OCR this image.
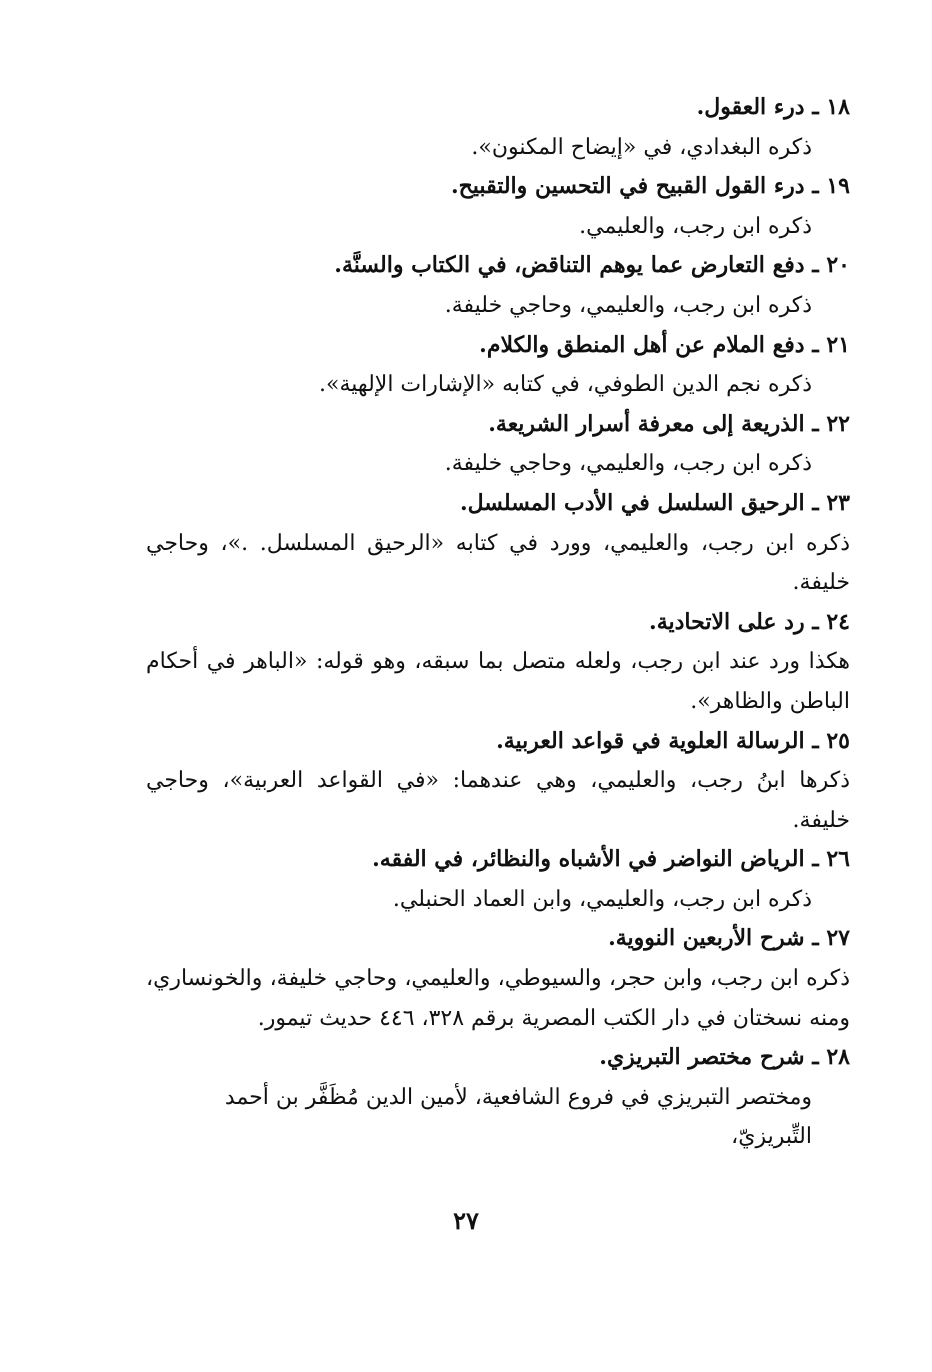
١٨ ـ درء العقول.

ذكره البغدادي، في «إيضاح المكنون».

١٩ ـ درء القول القبيح في التحسين والتقبيح.

ذكره ابن رجب، والعليمي.

٢٠ ـ دفع التعارض عما يوهم التناقض، في الكتاب والسنَّة.

ذكره ابن رجب، والعليمي، وحاجي خليفة.

٢١ ـ دفع الملام عن أهل المنطق والكلام.

ذكره نجم الدين الطوفي، في كتابه «الإشارات الإلهية».

٢٢ ـ الذريعة إلى معرفة أسرار الشريعة.

ذكره ابن رجب، والعليمي، وحاجي خليفة.

٢٣ ـ الرحيق السلسل في الأدب المسلسل.

ذكره ابن رجب، والعليمي، وورد في كتابه «الرحيق المسلسل. .»، وحاجي خليفة.

٢٤ ـ رد على الاتحادية.

هكذا ورد عند ابن رجب، ولعله متصل بما سبقه، وهو قوله: «الباهر في أحكام الباطن والظاهر».

٢٥ ـ الرسالة العلوية في قواعد العربية.

ذكرها ابنُ رجب، والعليمي، وهي عندهما: «في القواعد العربية»، وحاجي خليفة.

٢٦ ـ الرياض النواضر في الأشباه والنظائر، في الفقه.

ذكره ابن رجب، والعليمي، وابن العماد الحنبلي.

٢٧ ـ شرح الأربعين النووية.

ذكره ابن رجب، وابن حجر، والسيوطي، والعليمي، وحاجي خليفة، والخونساري، ومنه نسختان في دار الكتب المصرية برقم ٣٢٨، ٤٤٦ حديث تيمور.

٢٨ ـ شرح مختصر التبريزي.

ومختصر التبريزي في فروع الشافعية، لأمين الدين مُظَفَّر بن أحمد التِّبريزيّ،

٢٧
